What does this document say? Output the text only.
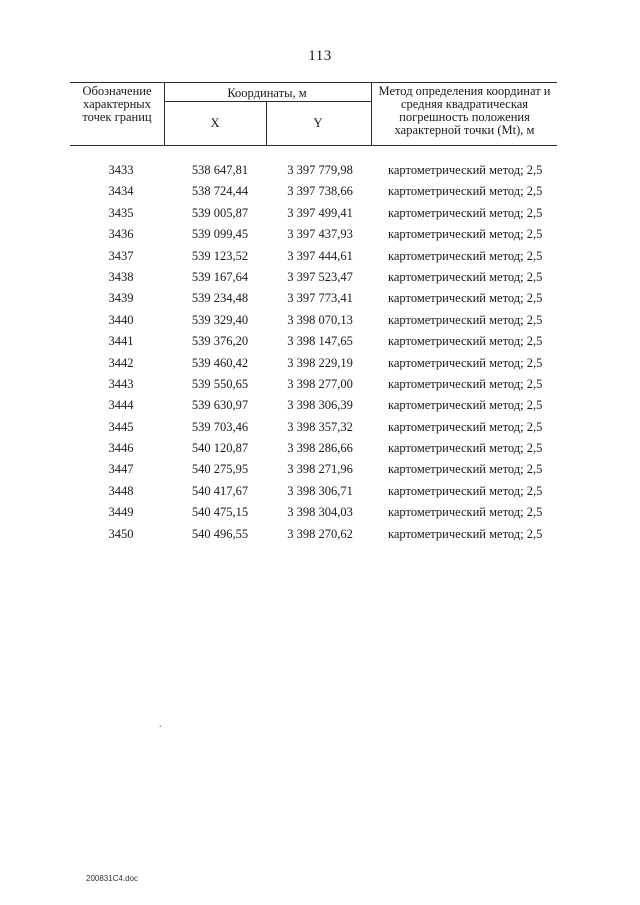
113
Обозначение характерных точек границ
Координаты, м
X	Y
Метод определения координат и средняя квадратическая погрешность положения характерной точки (Mt), м
3433	538 647,81	3 397 779,98	картометрический метод; 2,5
3434	538 724,44	3 397 738,66	картометрический метод; 2,5
3435	539 005,87	3 397 499,41	картометрический метод; 2,5
3436	539 099,45	3 397 437,93	картометрический метод; 2,5
3437	539 123,52	3 397 444,61	картометрический метод; 2,5
3438	539 167,64	3 397 523,47	картометрический метод; 2,5
3439	539 234,48	3 397 773,41	картометрический метод; 2,5
3440	539 329,40	3 398 070,13	картометрический метод; 2,5
3441	539 376,20	3 398 147,65	картометрический метод; 2,5
3442	539 460,42	3 398 229,19	картометрический метод; 2,5
3443	539 550,65	3 398 277,00	картометрический метод; 2,5
3444	539 630,97	3 398 306,39	картометрический метод; 2,5
3445	539 703,46	3 398 357,32	картометрический метод; 2,5
3446	540 120,87	3 398 286,66	картометрический метод; 2,5
3447	540 275,95	3 398 271,96	картометрический метод; 2,5
3448	540 417,67	3 398 306,71	картометрический метод; 2,5
3449	540 475,15	3 398 304,03	картометрический метод; 2,5
3450	540 496,55	3 398 270,62	картометрический метод; 2,5
.
200831C4.doc
